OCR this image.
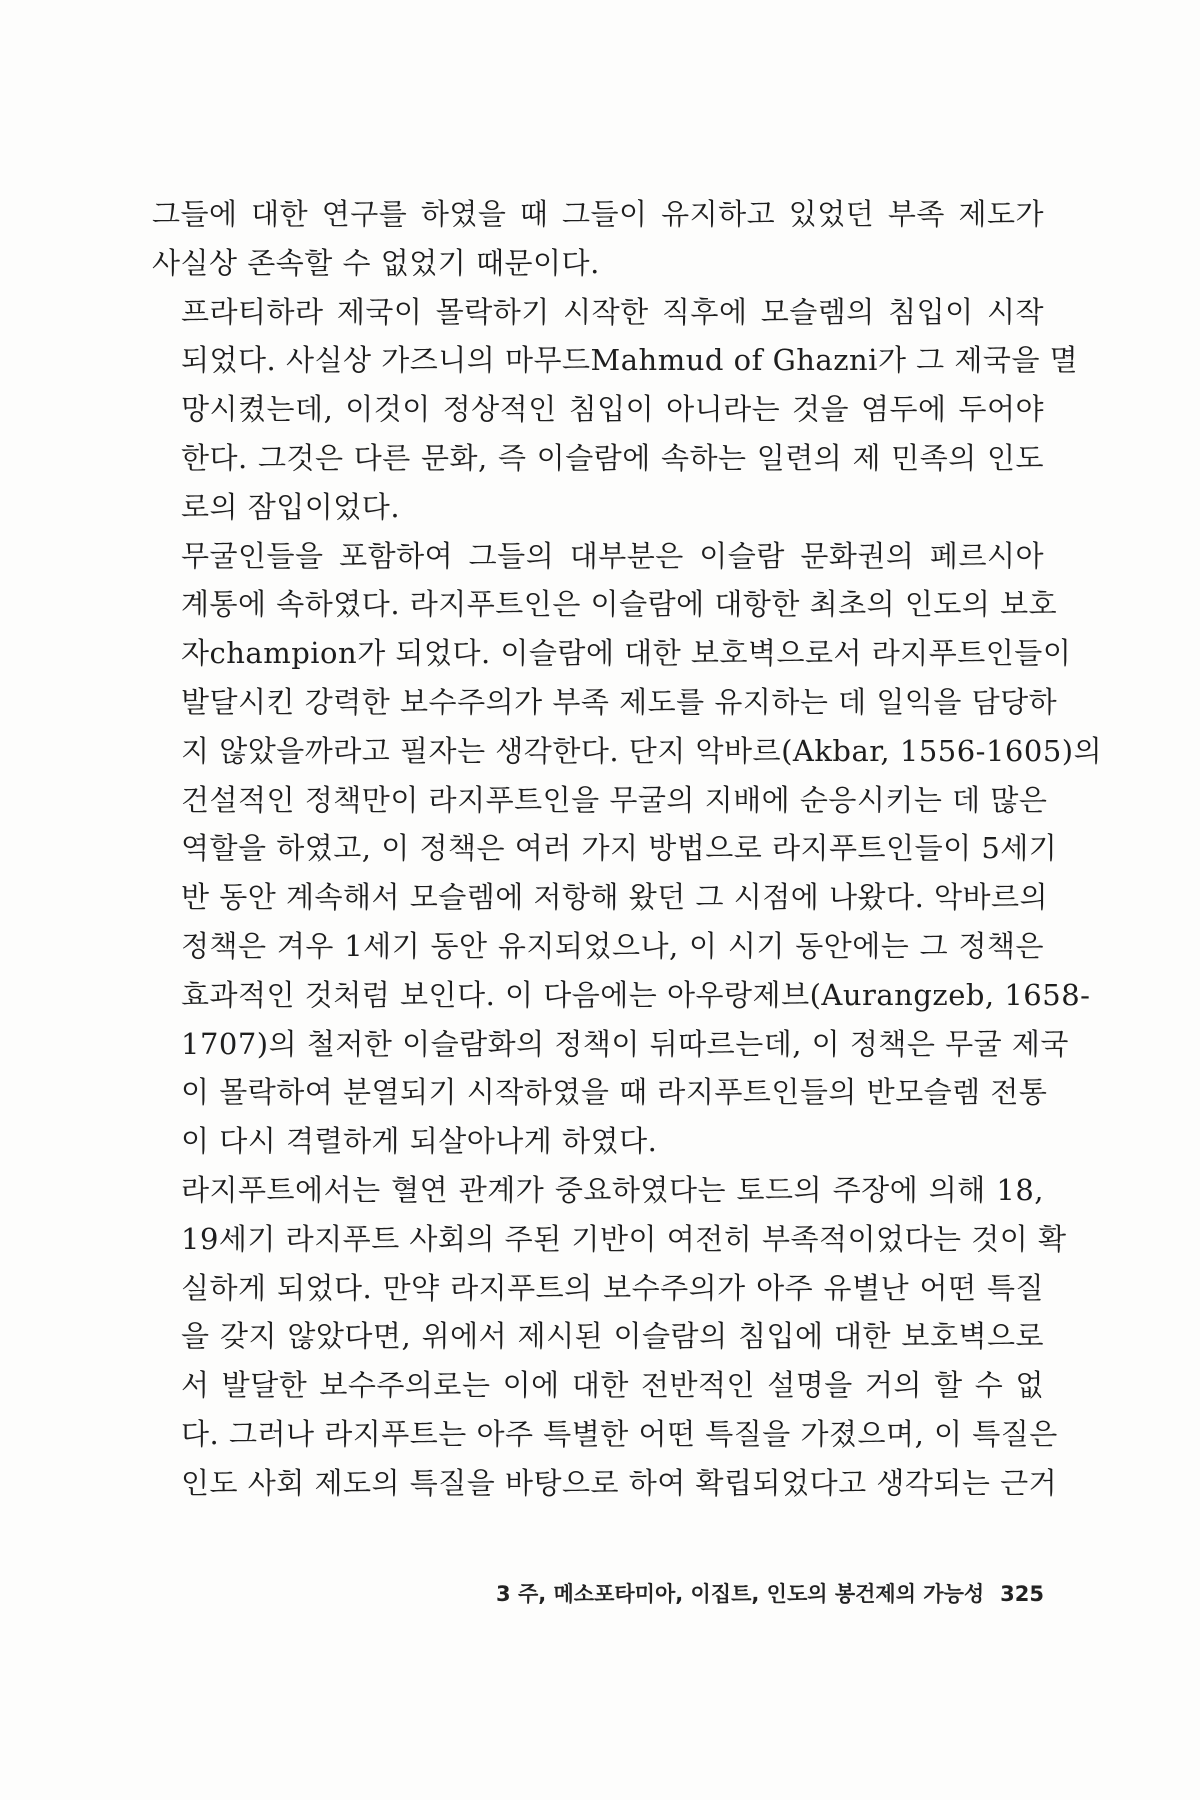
그들에 대한 연구를 하였을 때 그들이 유지하고 있었던 부족 제도가
사실상 존속할 수 없었기 때문이다.

프라티하라 제국이 몰락하기 시작한 직후에 모슬렘의 침입이 시작
되었다. 사실상 가즈니의 마무드Mahmud of Ghazni가 그 제국을 멸
망시켰는데, 이것이 정상적인 침입이 아니라는 것을 염두에 두어야
한다. 그것은 다른 문화, 즉 이슬람에 속하는 일련의 제 민족의 인도
로의 잠입이었다.

무굴인들을 포함하여 그들의 대부분은 이슬람 문화권의 페르시아
계통에 속하였다. 라지푸트인은 이슬람에 대항한 최초의 인도의 보호
자champion가 되었다. 이슬람에 대한 보호벽으로서 라지푸트인들이
발달시킨 강력한 보수주의가 부족 제도를 유지하는 데 일익을 담당하
지 않았을까라고 필자는 생각한다. 단지 악바르(Akbar, 1556-1605)의
건설적인 정책만이 라지푸트인을 무굴의 지배에 순응시키는 데 많은
역할을 하였고, 이 정책은 여러 가지 방법으로 라지푸트인들이 5세기
반 동안 계속해서 모슬렘에 저항해 왔던 그 시점에 나왔다. 악바르의
정책은 겨우 1세기 동안 유지되었으나, 이 시기 동안에는 그 정책은
효과적인 것처럼 보인다. 이 다음에는 아우랑제브(Aurangzeb, 1658-
1707)의 철저한 이슬람화의 정책이 뒤따르는데, 이 정책은 무굴 제국
이 몰락하여 분열되기 시작하였을 때 라지푸트인들의 반모슬렘 전통
이 다시 격렬하게 되살아나게 하였다.

라지푸트에서는 혈연 관계가 중요하였다는 토드의 주장에 의해 18,
19세기 라지푸트 사회의 주된 기반이 여전히 부족적이었다는 것이 확
실하게 되었다. 만약 라지푸트의 보수주의가 아주 유별난 어떤 특질
을 갖지 않았다면, 위에서 제시된 이슬람의 침입에 대한 보호벽으로
서 발달한 보수주의로는 이에 대한 전반적인 설명을 거의 할 수 없
다. 그러나 라지푸트는 아주 특별한 어떤 특질을 가졌으며, 이 특질은
인도 사회 제도의 특질을 바탕으로 하여 확립되었다고 생각되는 근거

3 주, 메소포타미아, 이집트, 인도의 봉건제의 가능성 325
